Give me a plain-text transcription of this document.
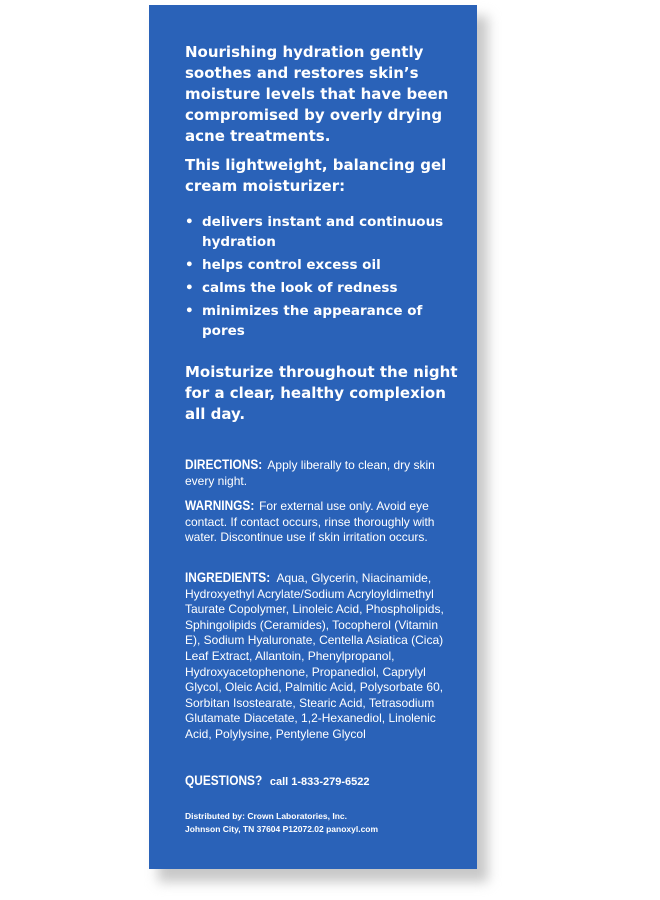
Nourishing hydration gently soothes and restores skin’s moisture levels that have been compromised by overly drying acne treatments.

This lightweight, balancing gel cream moisturizer:

• delivers instant and continuous hydration
• helps control excess oil
• calms the look of redness
• minimizes the appearance of pores

Moisturize throughout the night for a clear, healthy complexion all day.

DIRECTIONS: Apply liberally to clean, dry skin every night.

WARNINGS: For external use only. Avoid eye contact. If contact occurs, rinse thoroughly with water. Discontinue use if skin irritation occurs.

INGREDIENTS: Aqua, Glycerin, Niacinamide, Hydroxyethyl Acrylate/Sodium Acryloyldimethyl Taurate Copolymer, Linoleic Acid, Phospholipids, Sphingolipids (Ceramides), Tocopherol (Vitamin E), Sodium Hyaluronate, Centella Asiatica (Cica) Leaf Extract, Allantoin, Phenylpropanol, Hydroxyacetophenone, Propanediol, Caprylyl Glycol, Oleic Acid, Palmitic Acid, Polysorbate 60, Sorbitan Isostearate, Stearic Acid, Tetrasodium Glutamate Diacetate, 1,2-Hexanediol, Linolenic Acid, Polylysine, Pentylene Glycol

QUESTIONS? call 1-833-279-6522

Distributed by: Crown Laboratories, Inc.
Johnson City, TN 37604 P12072.02 panoxyl.com
